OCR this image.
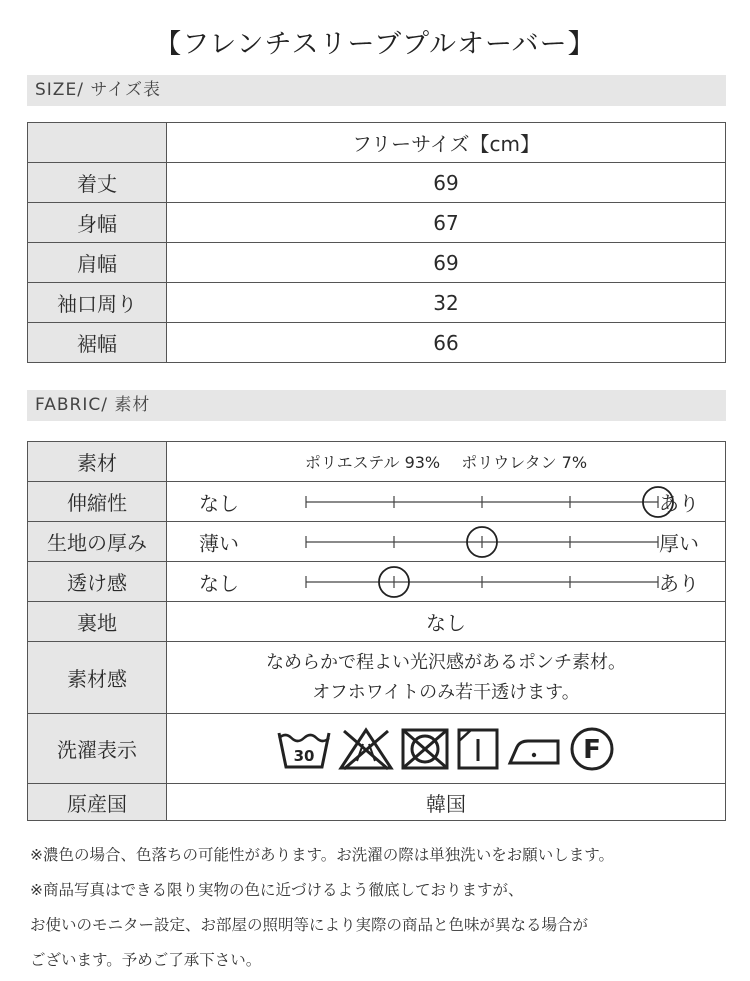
【フレンチスリーブプルオーバー】
SIZE/ サイズ表
	フリーサイズ【cm】
着丈	69
身幅	67
肩幅	69
袖口周り	32
裾幅	66
FABRIC/ 素材
素材	ポリエステル 93% ポリウレタン 7%
伸縮性	なし あり

生地の厚み	薄い 厚い

透け感	なし あり

裏地	なし
素材感	なめらかで程よい光沢感があるポンチ素材。
オフホワイトのみ若干透けます。

洗濯表示	30 F

原産国	韓国

※濃色の場合、色落ちの可能性があります。お洗濯の際は単独洗いをお願いします。

※商品写真はできる限り実物の色に近づけるよう徹底しておりますが、

お使いのモニター設定、お部屋の照明等により実際の商品と色味が異なる場合が

ございます。予めご了承下さい。
